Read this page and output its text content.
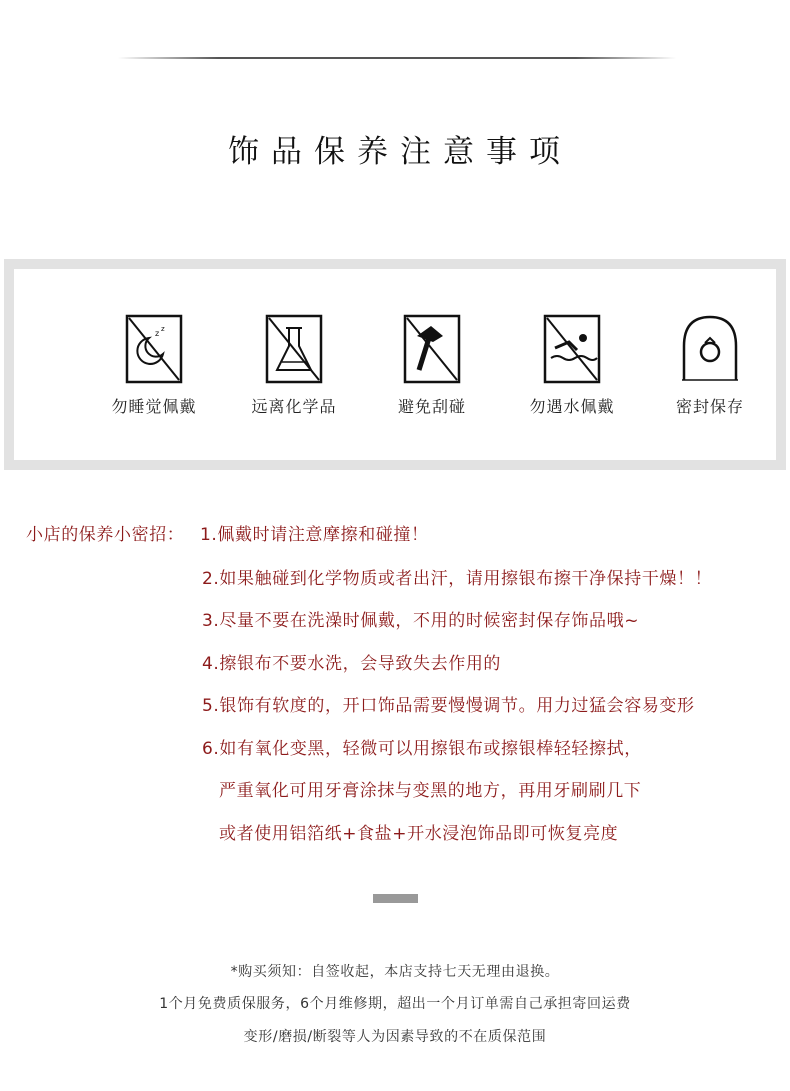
饰品保养注意事项
z z
勿睡觉佩戴	远离化学品	避免刮碰	勿遇水佩戴	密封保存
小店的保养小密招： 1.佩戴时请注意摩擦和碰撞！
2.如果触碰到化学物质或者出汗，请用擦银布擦干净保持干燥！！
3.尽量不要在洗澡时佩戴，不用的时候密封保存饰品哦~
4.擦银布不要水洗，会导致失去作用的
5.银饰有软度的，开口饰品需要慢慢调节。用力过猛会容易变形
6.如有氧化变黑，轻微可以用擦银布或擦银棒轻轻擦拭，
严重氧化可用牙膏涂抹与变黑的地方，再用牙刷刷几下
或者使用铝箔纸+食盐+开水浸泡饰品即可恢复亮度
*购买须知：自签收起，本店支持七天无理由退换。
1个月免费质保服务，6个月维修期，超出一个月订单需自己承担寄回运费
变形/磨损/断裂等人为因素导致的不在质保范围
